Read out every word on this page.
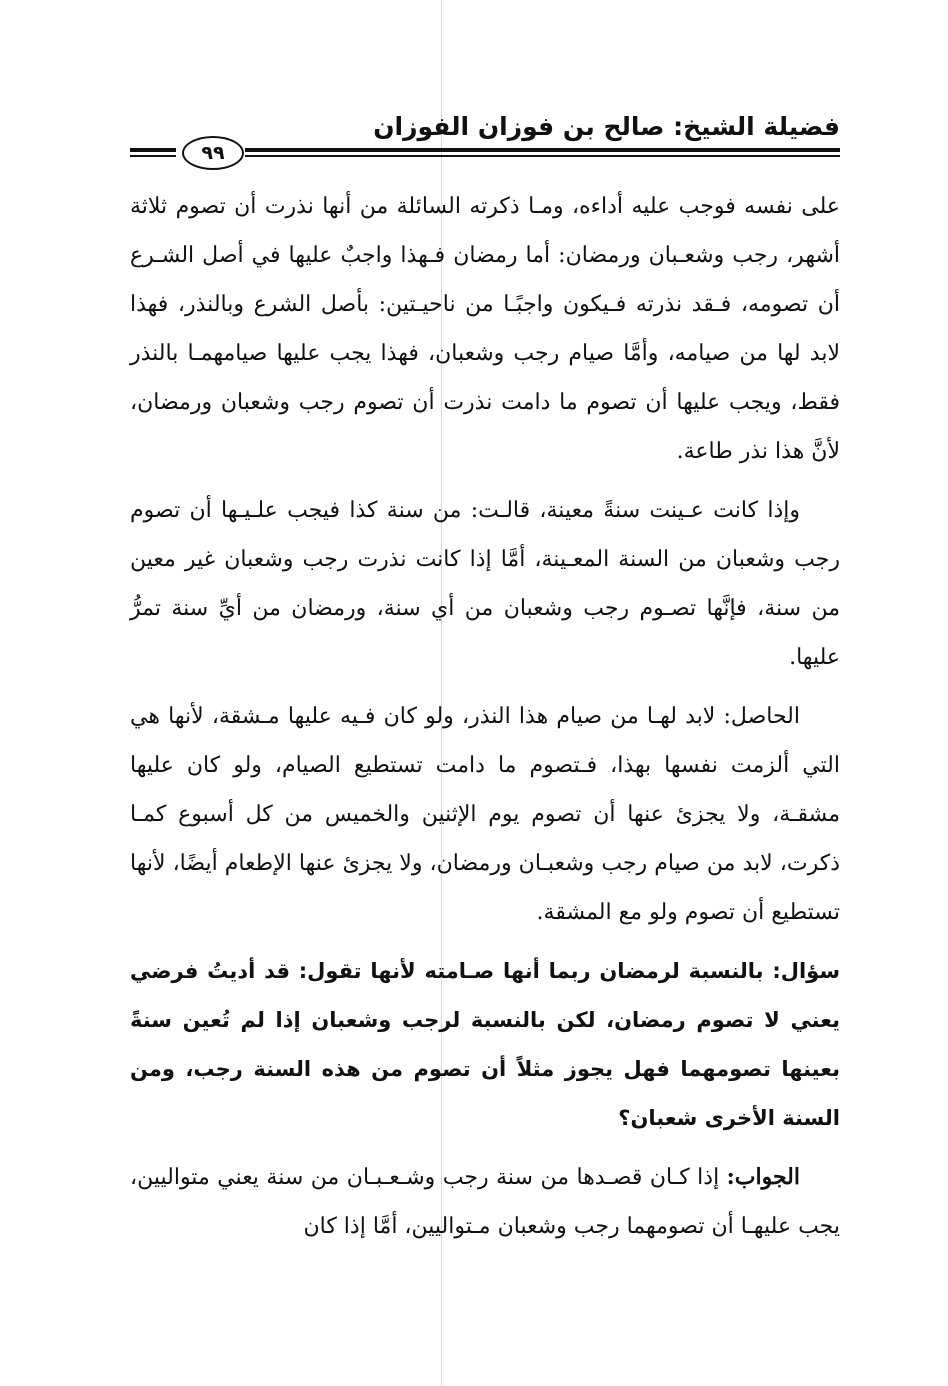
فضيلة الشيخ: صالح بن فوزان الفوزان
٩٩

على نفسه فوجب عليه أداءه، ومـا ذكرته السائلة من أنها نذرت أن تصوم ثلاثة أشهر، رجب وشعـبان ورمضان: أما رمضان فـهذا واجبٌ عليها في أصل الشـرع أن تصومه، فـقد نذرته فـيكون واجبًـا من ناحيـتين: بأصل الشرع وبالنذر، فهذا لابد لها من صيامه، وأمَّا صيام رجب وشعبان، فهذا يجب عليها صيامهمـا بالنذر فقط، ويجب عليها أن تصوم ما دامت نذرت أن تصوم رجب وشعبان ورمضان، لأنَّ هذا نذر طاعة.

وإذا كانت عـينت سنةً معينة، قالـت: من سنة كذا فيجب علـيـها أن تصوم رجب وشعبان من السنة المعـينة، أمَّا إذا كانت نذرت رجب وشعبان غير معين من سنة، فإنَّها تصـوم رجب وشعبان من أي سنة، ورمضان من أيِّ سنة تمرُّ عليها.

الحاصل: لابد لهـا من صيام هذا النذر، ولو كان فـيه عليها مـشقة، لأنها هي التي ألزمت نفسها بهذا، فـتصوم ما دامت تستطيع الصيام، ولو كان عليها مشقـة، ولا يجزئ عنها أن تصوم يوم الإثنين والخميس من كل أسبوع كمـا ذكرت، لابد من صيام رجب وشعبـان ورمضان، ولا يجزئ عنها الإطعام أيضًا، لأنها تستطيع أن تصوم ولو مع المشقة.

سؤال: بالنسبة لرمضان ربما أنها صـامته لأنها تقول: قد أديتُ فرضي يعني لا تصوم رمضان، لكن بالنسبة لرجب وشعبان إذا لم تُعين سنةً بعينها تصومهما فهل يجوز مثلاً أن تصوم من هذه السنة رجب، ومن السنة الأخرى شعبان؟

الجواب: إذا كـان قصـدها من سنة رجب وشـعـبـان من سنة يعني متواليين، يجب عليهـا أن تصومهما رجب وشعبان مـتواليين، أمَّا إذا كان
